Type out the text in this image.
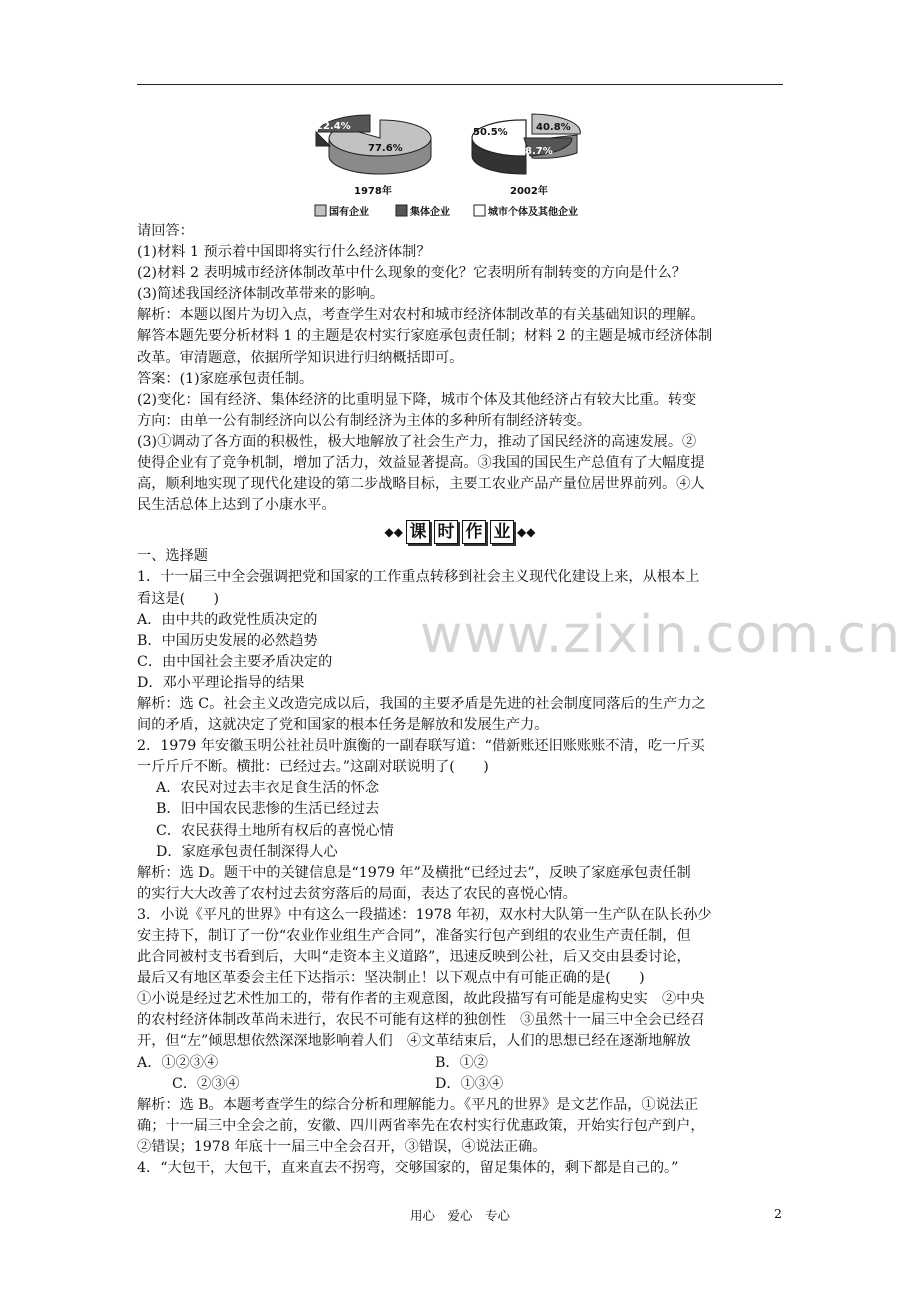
22.4%
77.6%
1978年
50.5%	40.8%
8.7%
2002年
国有企业	集体企业	城市个体及其他企业
www.zixin.com.cn

请回答：

(1)材料 1 预示着中国即将实行什么经济体制？

(2)材料 2 表明城市经济体制改革中什么现象的变化？它表明所有制转变的方向是什么？

(3)简述我国经济体制改革带来的影响。

解析：本题以图片为切入点，考查学生对农村和城市经济体制改革的有关基础知识的理解。

解答本题先要分析材料 1 的主题是农村实行家庭承包责任制；材料 2 的主题是城市经济体制

改革。审清题意，依据所学知识进行归纳概括即可。

答案：(1)家庭承包责任制。

(2)变化：国有经济、集体经济的比重明显下降，城市个体及其他经济占有较大比重。转变

方向：由单一公有制经济向以公有制经济为主体的多种所有制经济转变。

(3)①调动了各方面的积极性，极大地解放了社会生产力，推动了国民经济的高速发展。②

使得企业有了竞争机制，增加了活力，效益显著提高。③我国的国民生产总值有了大幅度提

高，顺利地实现了现代化建设的第二步战略目标，主要工农业产品产量位居世界前列。④人

民生活总体上达到了小康水平。

◆◆ 课 时 作 业 ◆◆

一、选择题

1．十一届三中全会强调把党和国家的工作重点转移到社会主义现代化建设上来，从根本上

看这是(　　)

A．由中共的政党性质决定的

B．中国历史发展的必然趋势

C．由中国社会主要矛盾决定的

D．邓小平理论指导的结果

解析：选 C。社会主义改造完成以后，我国的主要矛盾是先进的社会制度同落后的生产力之

间的矛盾，这就决定了党和国家的根本任务是解放和发展生产力。

2．1979 年安徽玉明公社社员叶旗衡的一副春联写道：“借新账还旧账账账不清，吃一斤买

一斤斤斤不断。横批：已经过去。”这副对联说明了(　　)

A．农民对过去丰衣足食生活的怀念

B．旧中国农民悲惨的生活已经过去

C．农民获得土地所有权后的喜悦心情

D．家庭承包责任制深得人心

解析：选 D。题干中的关键信息是“1979 年”及横批“已经过去”，反映了家庭承包责任制

的实行大大改善了农村过去贫穷落后的局面，表达了农民的喜悦心情。

3．小说《平凡的世界》中有这么一段描述：1978 年初，双水村大队第一生产队在队长孙少

安主持下，制订了一份“农业作业组生产合同”，准备实行包产到组的农业生产责任制，但

此合同被村支书看到后，大叫“走资本主义道路”，迅速反映到公社，后又交由县委讨论，

最后又有地区革委会主任下达指示：坚决制止！以下观点中有可能正确的是(　　)

①小说是经过艺术性加工的，带有作者的主观意图，故此段描写有可能是虚构史实　②中央

的农村经济体制改革尚未进行，农民不可能有这样的独创性　③虽然十一届三中全会已经召

开，但“左”倾思想依然深深地影响着人们　④文革结束后，人们的思想已经在逐渐地解放

A．①②③④	B．①②

C．②③④	D．①③④

解析：选 B。本题考查学生的综合分析和理解能力。《平凡的世界》是文艺作品，①说法正

确；十一届三中全会之前，安徽、四川两省率先在农村实行优惠政策，开始实行包产到户，

②错误；1978 年底十一届三中全会召开，③错误，④说法正确。

4．“大包干，大包干，直来直去不拐弯，交够国家的，留足集体的，剩下都是自己的。”

用心　爱心　专心	2
